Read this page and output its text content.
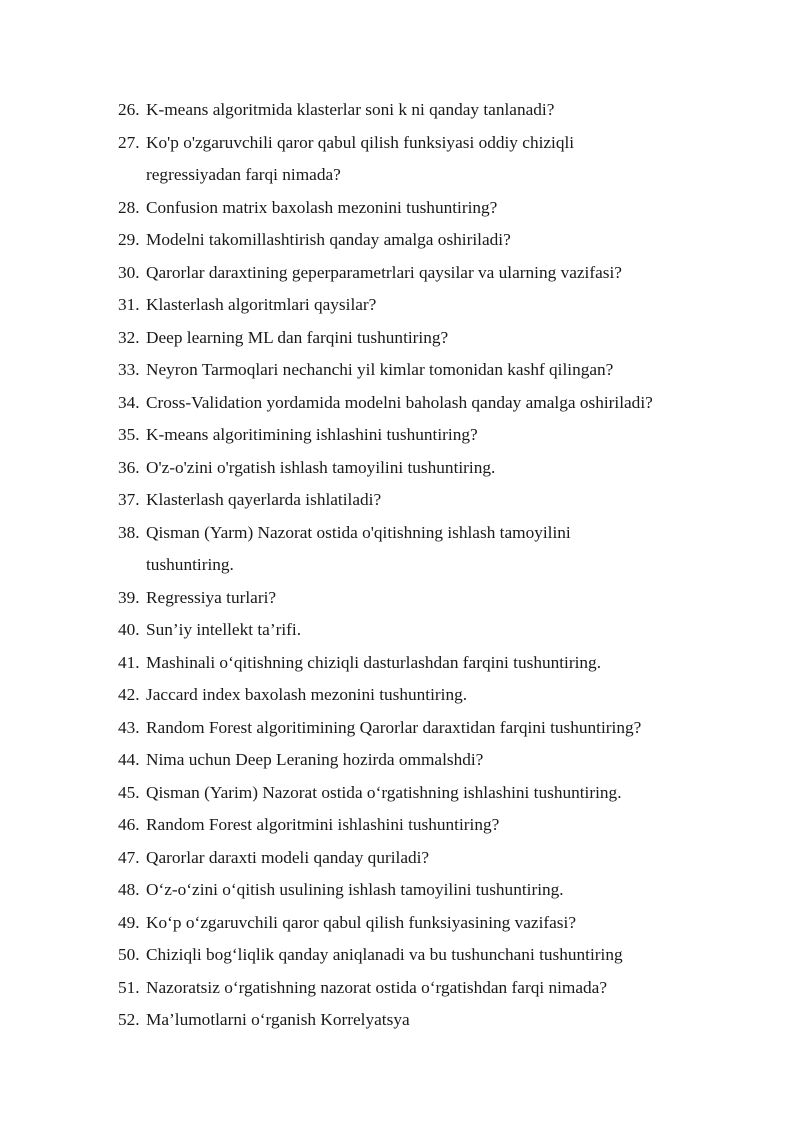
26. K-means algoritmida klasterlar soni k ni qanday tanlanadi?
27. Ko'p o'zgaruvchili qaror qabul qilish funksiyasi oddiy chiziqli
regressiyadan farqi nimada?
28. Confusion matrix baxolash mezonini tushuntiring?
29. Modelni takomillashtirish qanday amalga oshiriladi?
30. Qarorlar daraxtining geperparametrlari qaysilar va ularning vazifasi?
31. Klasterlash algoritmlari qaysilar?
32. Deep learning ML dan farqini tushuntiring?
33. Neyron Tarmoqlari nechanchi yil kimlar tomonidan kashf qilingan?
34. Cross-Validation yordamida modelni baholash qanday amalga oshiriladi?
35. K-means algoritimining ishlashini tushuntiring?
36. O'z-o'zini o'rgatish ishlash tamoyilini tushuntiring.
37. Klasterlash qayerlarda ishlatiladi?
38. Qisman (Yarm) Nazorat ostida o'qitishning ishlash tamoyilini
tushuntiring.
39. Regressiya turlari?
40. Sun’iy intellekt ta’rifi.
41. Mashinali o‘qitishning chiziqli dasturlashdan farqini tushuntiring.
42. Jaccard index baxolash mezonini tushuntiring.
43. Random Forest algoritimining Qarorlar daraxtidan farqini tushuntiring?
44. Nima uchun Deep Leraning hozirda ommalshdi?
45. Qisman (Yarim) Nazorat ostida o‘rgatishning ishlashini tushuntiring.
46. Random Forest algoritmini ishlashini tushuntiring?
47. Qarorlar daraxti modeli qanday quriladi?
48. O‘z-o‘zini o‘qitish usulining ishlash tamoyilini tushuntiring.
49. Ko‘p o‘zgaruvchili qaror qabul qilish funksiyasining vazifasi?
50. Chiziqli bog‘liqlik qanday aniqlanadi va bu tushunchani tushuntiring
51. Nazoratsiz o‘rgatishning nazorat ostida o‘rgatishdan farqi nimada?
52. Ma’lumotlarni o‘rganish Korrelyatsya
